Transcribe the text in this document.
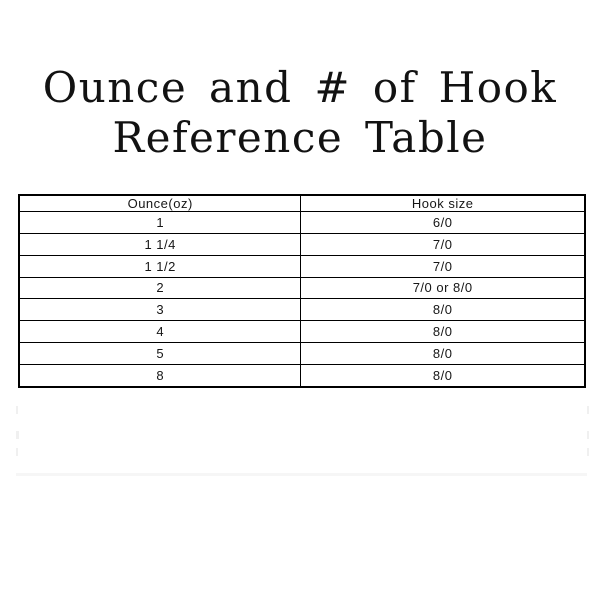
Ounce and # of Hook
Reference Table
Ounce(oz)	Hook size
1	6/0
1 1/4	7/0
1 1/2	7/0
2	7/0 or 8/0
3	8/0
4	8/0
5	8/0
8	8/0
